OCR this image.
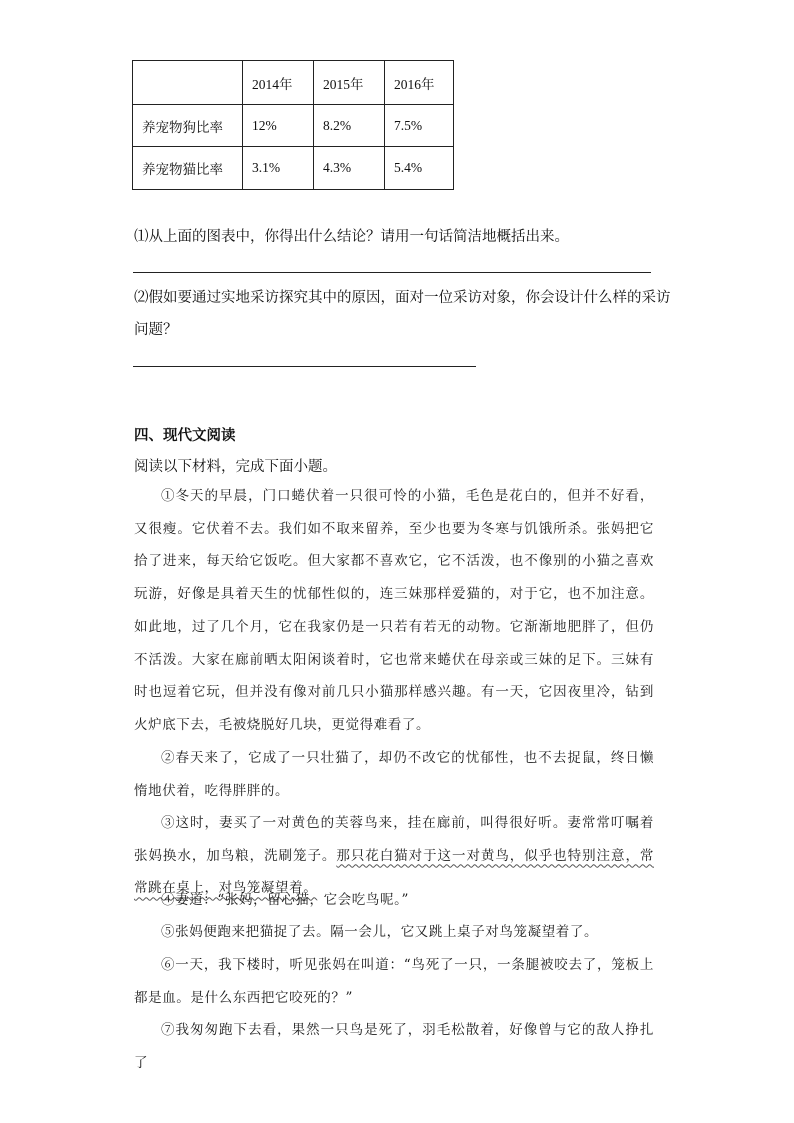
	2014年	2015年	2016年
养宠物狗比率	12%	8.2%	7.5%
养宠物猫比率	3.1%	4.3%	5.4%
⑴从上面的图表中，你得出什么结论？请用一句话简洁地概括出来。
⑵假如要通过实地采访探究其中的原因，面对一位采访对象，你会设计什么样的采访
问题？
四、现代文阅读
阅读以下材料，完成下面小题。

①冬天的早晨，门口蜷伏着一只很可怜的小猫，毛色是花白的，但并不好看，又很瘦。它伏着不去。我们如不取来留养，至少也要为冬寒与饥饿所杀。张妈把它拾了进来，每天给它饭吃。但大家都不喜欢它，它不活泼，也不像别的小猫之喜欢玩游，好像是具着天生的忧郁性似的，连三妹那样爱猫的，对于它，也不加注意。如此地，过了几个月，它在我家仍是一只若有若无的动物。它渐渐地肥胖了，但仍不活泼。大家在廊前晒太阳闲谈着时，它也常来蜷伏在母亲或三妹的足下。三妹有时也逗着它玩，但并没有像对前几只小猫那样感兴趣。有一天，它因夜里冷，钻到火炉底下去，毛被烧脱好几块，更觉得难看了。

②春天来了，它成了一只壮猫了，却仍不改它的忧郁性，也不去捉鼠，终日懒惰地伏着，吃得胖胖的。

③这时，妻买了一对黄色的芙蓉鸟来，挂在廊前，叫得很好听。妻常常叮嘱着张妈换水，加鸟粮，洗刷笼子。那只花白猫对于这一对黄鸟，似乎也特别注意，常常跳在桌上，对鸟笼凝望着。

④妻道：“张妈，留心猫，它会吃鸟呢。”

⑤张妈便跑来把猫捉了去。隔一会儿，它又跳上桌子对鸟笼凝望着了。

⑥一天，我下楼时，听见张妈在叫道：“鸟死了一只，一条腿被咬去了，笼板上都是血。是什么东西把它咬死的？”

⑦我匆匆跑下去看，果然一只鸟是死了，羽毛松散着，好像曾与它的敌人挣扎了
